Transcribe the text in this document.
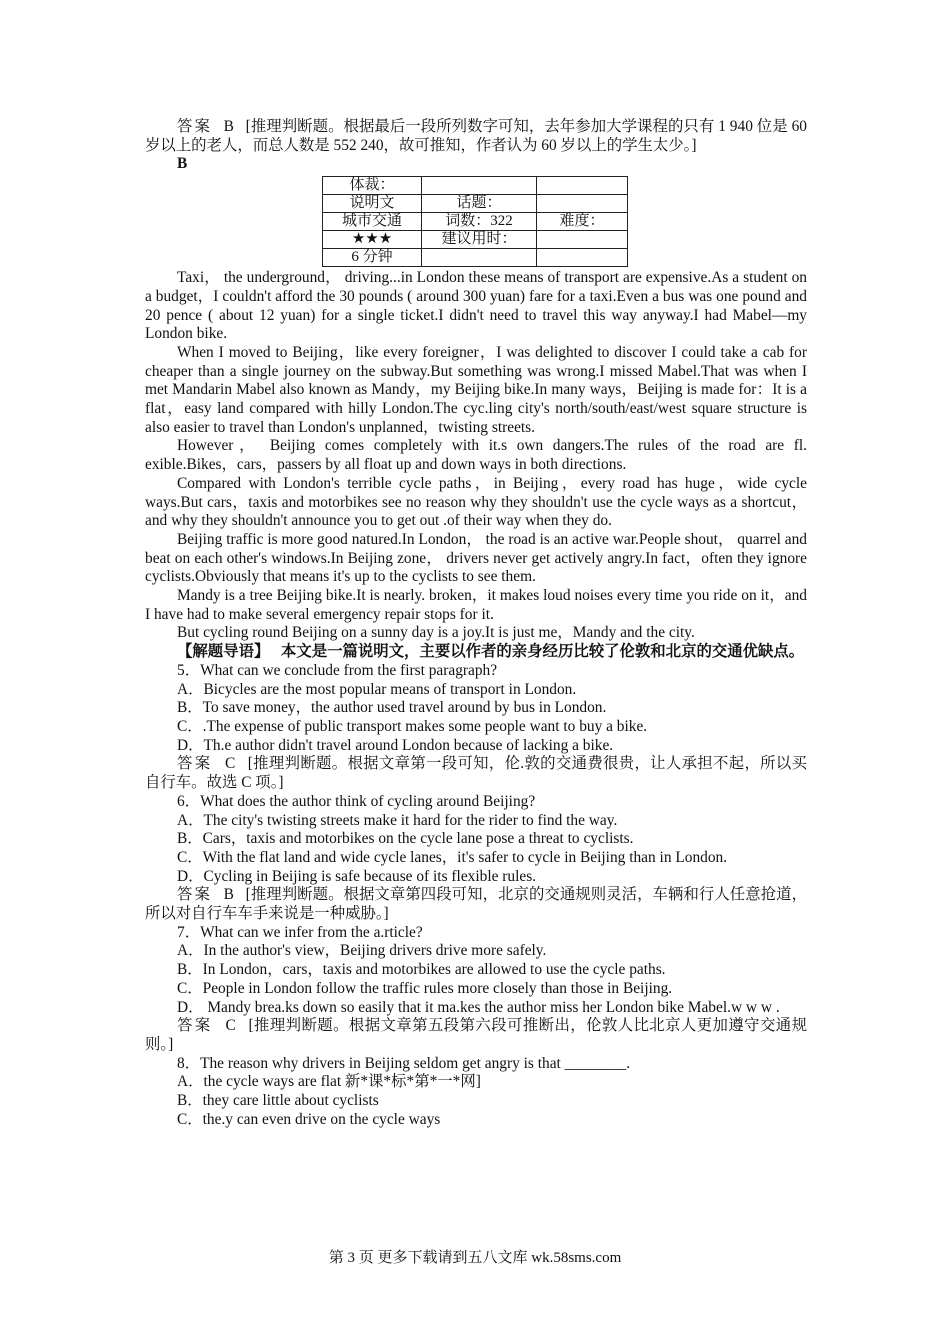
答案 B [推理判断题。根据最后一段所列数字可知，去年参加大学课程的只有 1 940 位是 60 岁以上的老人，而总人数是 552 240，故可推知，作者认为 60 岁以上的学生太少。]

B

体裁：		
说明文	话题：	
城市交通	词数：322	难度：
★★★	建议用时：	
6 分钟		

Taxi， the underground， driving...in London these means of transport are expensive.As a student on a budget，I couldn't afford the 30 pounds ( around 300 yuan) fare for a taxi.Even a bus was one pound and 20 pence ( about 12 yuan) for a single ticket.I didn't need to travel this way anyway.I had Mabel—my London bike.

When I moved to Beijing，like every foreigner，I was delighted to discover I could take a cab for cheaper than a single journey on the subway.But something was wrong.I missed Mabel.That was when I met Mandarin Mabel also known as Mandy，my Beijing bike.In many ways，Beijing is made for：It is a flat，easy land compared with hilly London.The cyc.ling city's north/south/east/west square structure is also easier to travel than London's unplanned，twisting streets.

However， Beijing comes completely with it.s own dangers.The rules of the road are fl. exible.Bikes，cars，passers by all float up and down ways in both directions.

Compared with London's terrible cycle paths，in Beijing，every road has huge，wide cycle ways.But cars，taxis and motorbikes see no reason why they shouldn't use the cycle ways as a shortcut，and why they shouldn't announce you to get out .of their way when they do.

Beijing traffic is more good natured.In London， the road is an active war.People shout， quarrel and beat on each other's windows.In Beijing zone， drivers never get actively angry.In fact，often they ignore cyclists.Obviously that means it's up to the cyclists to see them.

Mandy is a tree Beijing bike.It is nearly. broken，it makes loud noises every time you ride on it，and I have had to make several emergency repair stops for it.

But cycling round Beijing on a sunny day is a joy.It is just me，Mandy and the city.

【解题导语】 本文是一篇说明文，主要以作者的亲身经历比较了伦敦和北京的交通优缺点。

5．What can we conclude from the first paragraph?

A．Bicycles are the most popular means of transport in London.

B．To save money，the author used travel around by bus in London.

C．.The expense of public transport makes some people want to buy a bike.

D．Th.e author didn't travel around London because of lacking a bike.

答案 C [推理判断题。根据文章第一段可知，伦.敦的交通费很贵，让人承担不起，所以买自行车。故选 C 项。]

6．What does the author think of cycling around Beijing?

A．The city's twisting streets make it hard for the rider to find the way.

B．Cars，taxis and motorbikes on the cycle lane pose a threat to cyclists.

C．With the flat land and wide cycle lanes，it's safer to cycle in Beijing than in London.

D．Cycling in Beijing is safe because of its flexible rules.

答案 B [推理判断题。根据文章第四段可知，北京的交通规则灵活，车辆和行人任意抢道，所以对自行车车手来说是一种威胁。]

7．What can we infer from the a.rticle?

A．In the author's view，Beijing drivers drive more safely.

B．In London，cars，taxis and motorbikes are allowed to use the cycle paths.

C．People in London follow the traffic rules more closely than those in Beijing.

D． Mandy brea.ks down so easily that it ma.kes the author miss her London bike Mabel.w w w .

答案 C [推理判断题。根据文章第五段第六段可推断出，伦敦人比北京人更加遵守交通规则。]

8．The reason why drivers in Beijing seldom get angry is that ________.

A．the cycle ways are flat 新*课*标*第*一*网]

B．they care little about cyclists

C．the.y can even drive on the cycle ways

第 3 页 更多下载请到五八文库 wk.58sms.com
